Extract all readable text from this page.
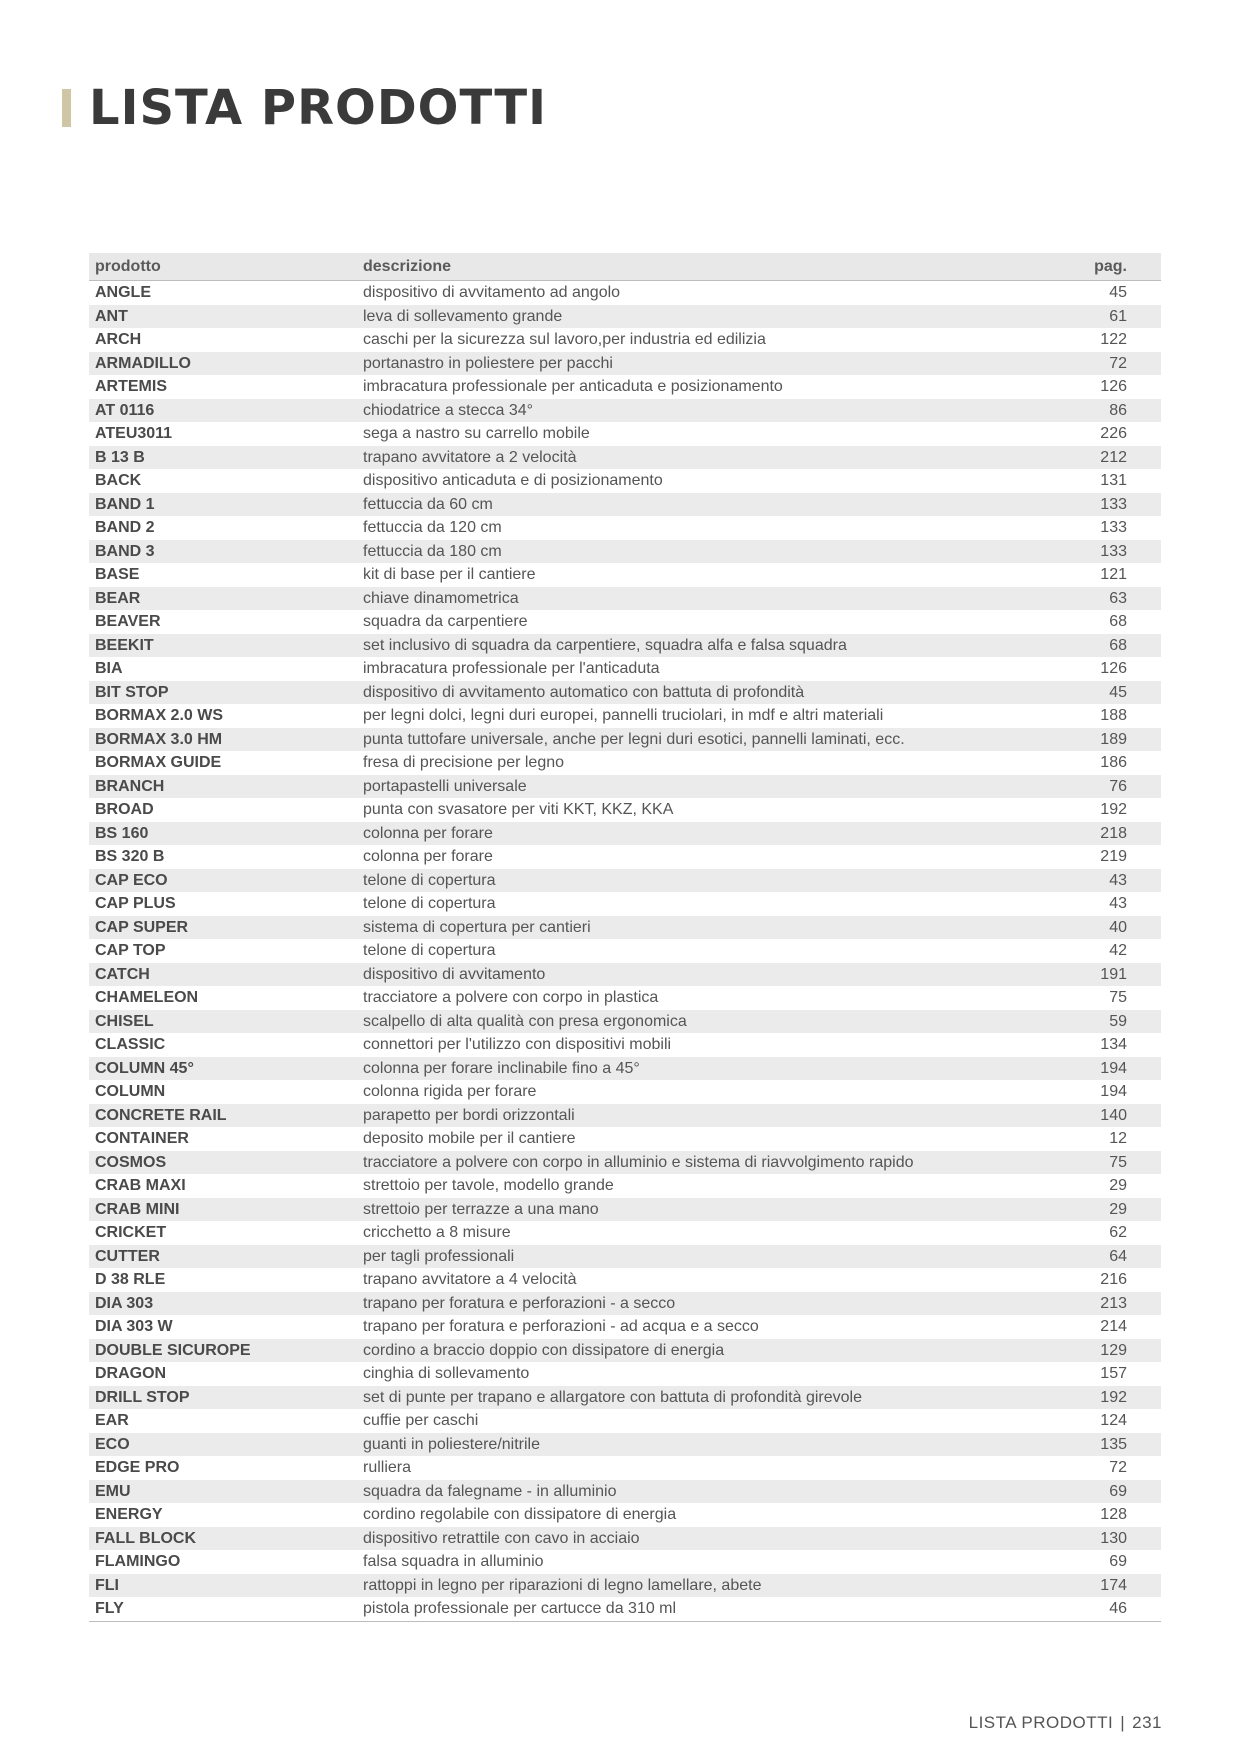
LISTA PRODOTTI
prodotto	descrizione	pag.
ANGLE	dispositivo di avvitamento ad angolo	45
ANT	leva di sollevamento grande	61
ARCH	caschi per la sicurezza sul lavoro,per industria ed edilizia	122
ARMADILLO	portanastro in poliestere per pacchi	72
ARTEMIS	imbracatura professionale per anticaduta e posizionamento	126
AT 0116	chiodatrice a stecca 34°	86
ATEU3011	sega a nastro su carrello mobile	226
B 13 B	trapano avvitatore a 2 velocità	212
BACK	dispositivo anticaduta e di posizionamento	131
BAND 1	fettuccia da 60 cm	133
BAND 2	fettuccia da 120 cm	133
BAND 3	fettuccia da 180 cm	133
BASE	kit di base per il cantiere	121
BEAR	chiave dinamometrica	63
BEAVER	squadra da carpentiere	68
BEEKIT	set inclusivo di squadra da carpentiere, squadra alfa e falsa squadra	68
BIA	imbracatura professionale per l'anticaduta	126
BIT STOP	dispositivo di avvitamento automatico con battuta di profondità	45
BORMAX 2.0 WS	per legni dolci, legni duri europei, pannelli truciolari, in mdf e altri materiali	188
BORMAX 3.0 HM	punta tuttofare universale, anche per legni duri esotici, pannelli laminati, ecc.	189
BORMAX GUIDE	fresa di precisione per legno	186
BRANCH	portapastelli universale	76
BROAD	punta con svasatore per viti KKT, KKZ, KKA	192
BS 160	colonna per forare	218
BS 320 B	colonna per forare	219
CAP ECO	telone di copertura	43
CAP PLUS	telone di copertura	43
CAP SUPER	sistema di copertura per cantieri	40
CAP TOP	telone di copertura	42
CATCH	dispositivo di avvitamento	191
CHAMELEON	tracciatore a polvere con corpo in plastica	75
CHISEL	scalpello di alta qualità con presa ergonomica	59
CLASSIC	connettori per l'utilizzo con dispositivi mobili	134
COLUMN 45°	colonna per forare inclinabile fino a 45°	194
COLUMN	colonna rigida per forare	194
CONCRETE RAIL	parapetto per bordi orizzontali	140
CONTAINER	deposito mobile per il cantiere	12
COSMOS	tracciatore a polvere con corpo in alluminio e sistema di riavvolgimento rapido	75
CRAB MAXI	strettoio per tavole, modello grande	29
CRAB MINI	strettoio per terrazze a una mano	29
CRICKET	cricchetto a 8 misure	62
CUTTER	per tagli professionali	64
D 38 RLE	trapano avvitatore a 4 velocità	216
DIA 303	trapano per foratura e perforazioni - a secco	213
DIA 303 W	trapano per foratura e perforazioni - ad acqua e a secco	214
DOUBLE SICUROPE	cordino a braccio doppio con dissipatore di energia	129
DRAGON	cinghia di sollevamento	157
DRILL STOP	set di punte per trapano e allargatore con battuta di profondità girevole	192
EAR	cuffie per caschi	124
ECO	guanti in poliestere/nitrile	135
EDGE PRO	rulliera	72
EMU	squadra da falegname - in alluminio	69
ENERGY	cordino regolabile con dissipatore di energia	128
FALL BLOCK	dispositivo retrattile con cavo in acciaio	130
FLAMINGO	falsa squadra in alluminio	69
FLI	rattoppi in legno per riparazioni di legno lamellare, abete	174
FLY	pistola professionale per cartucce da 310 ml	46
LISTA PRODOTTI | 231
